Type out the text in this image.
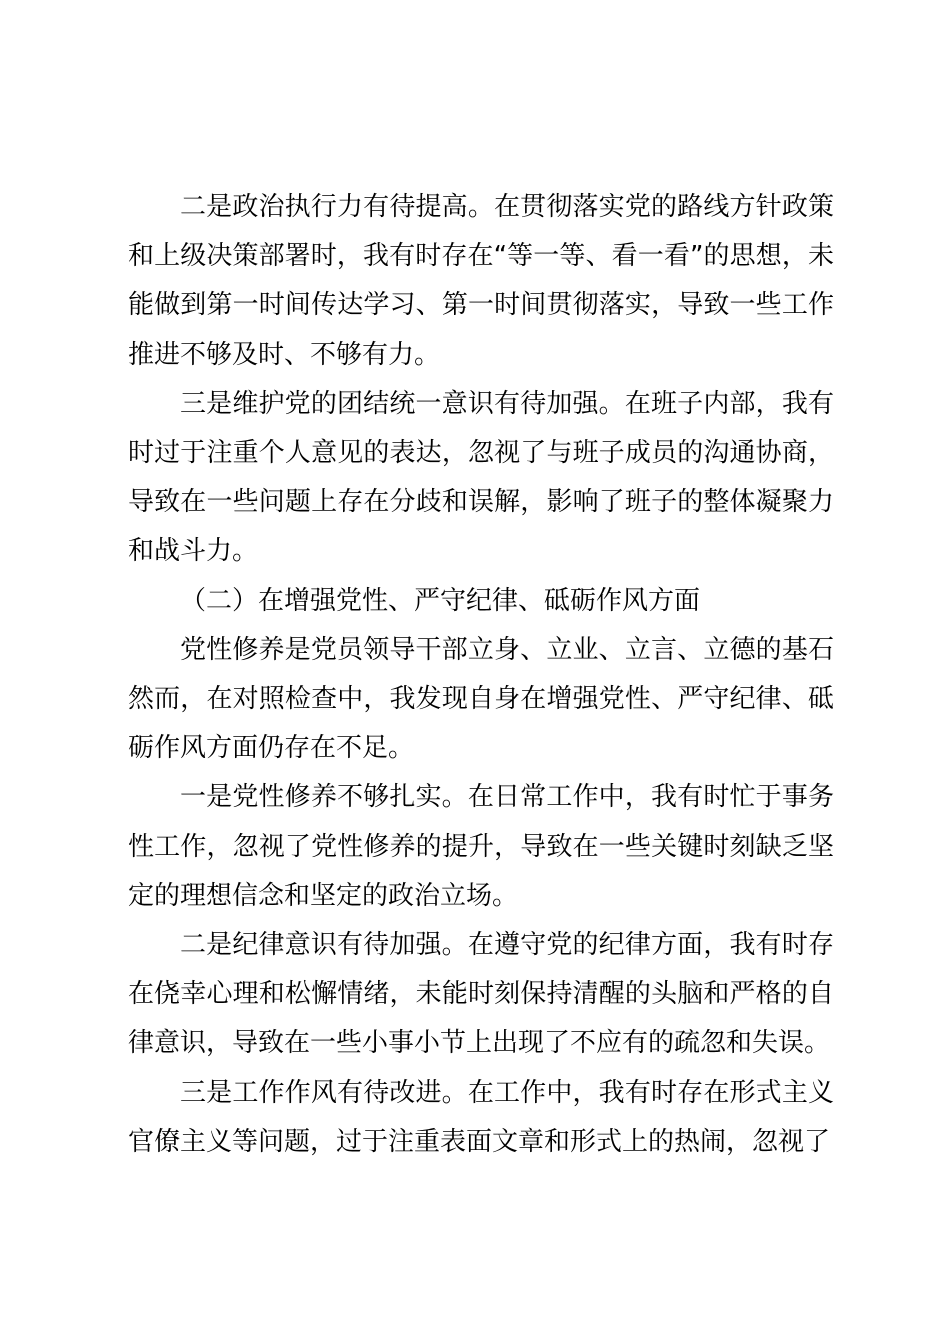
二是政治执行力有待提高。在贯彻落实党的路线方针政策和上级决策部署时，我有时存在“等一等、看一看”的思想，未能做到第一时间传达学习、第一时间贯彻落实，导致一些工作推进不够及时、不够有力。

三是维护党的团结统一意识有待加强。在班子内部，我有时过于注重个人意见的表达，忽视了与班子成员的沟通协商，导致在一些问题上存在分歧和误解，影响了班子的整体凝聚力和战斗力。

（二）在增强党性、严守纪律、砥砺作风方面

党性修养是党员领导干部立身、立业、立言、立德的基石然而，在对照检查中，我发现自身在增强党性、严守纪律、砥砺作风方面仍存在不足。

一是党性修养不够扎实。在日常工作中，我有时忙于事务性工作，忽视了党性修养的提升，导致在一些关键时刻缺乏坚定的理想信念和坚定的政治立场。

二是纪律意识有待加强。在遵守党的纪律方面，我有时存在侥幸心理和松懈情绪，未能时刻保持清醒的头脑和严格的自律意识，导致在一些小事小节上出现了不应有的疏忽和失误。

三是工作作风有待改进。在工作中，我有时存在形式主义官僚主义等问题，过于注重表面文章和形式上的热闹，忽视了
